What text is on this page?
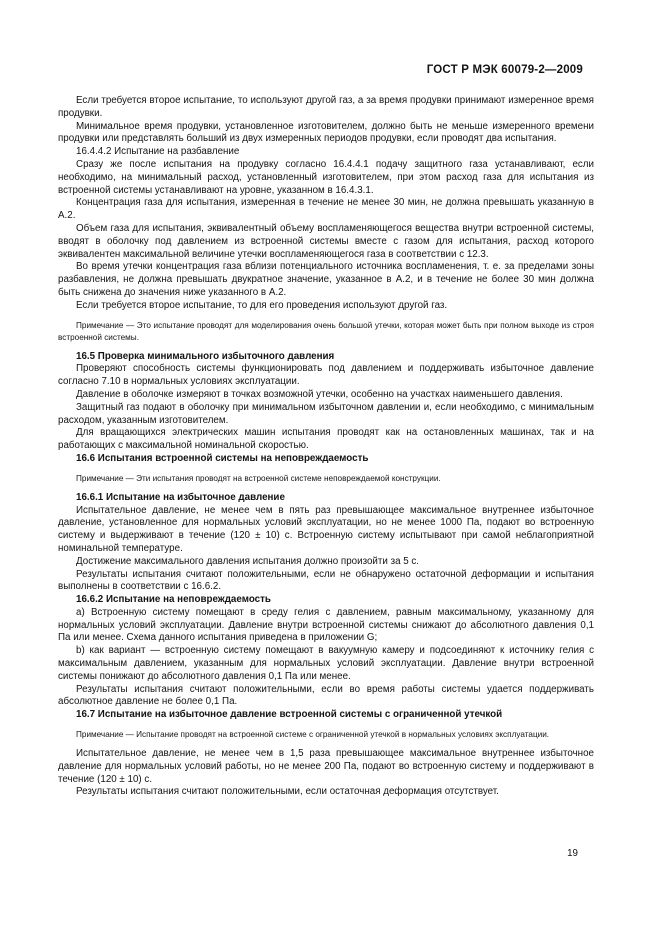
ГОСТ Р МЭК 60079-2—2009

Если требуется второе испытание, то используют другой газ, а за время продувки принимают измеренное время продувки.

Минимальное время продувки, установленное изготовителем, должно быть не меньше измеренного времени продувки или представлять больший из двух измеренных периодов продувки, если проводят два испытания.

16.4.4.2 Испытание на разбавление

Сразу же после испытания на продувку согласно 16.4.4.1 подачу защитного газа устанавливают, если необходимо, на минимальный расход, установленный изготовителем, при этом расход газа для испытания из встроенной системы устанавливают на уровне, указанном в 16.4.3.1.

Концентрация газа для испытания, измеренная в течение не менее 30 мин, не должна превышать указанную в А.2.

Объем газа для испытания, эквивалентный объему воспламеняющегося вещества внутри встроенной системы, вводят в оболочку под давлением из встроенной системы вместе с газом для испытания, расход которого эквивалентен максимальной величине утечки воспламеняющегося газа в соответствии с 12.3.

Во время утечки концентрация газа вблизи потенциального источника воспламенения, т. е. за пределами зоны разбавления, не должна превышать двукратное значение, указанное в А.2, и в течение не более 30 мин должна быть снижена до значения ниже указанного в А.2.

Если требуется второе испытание, то для его проведения используют другой газ.

Примечание — Это испытание проводят для моделирования очень большой утечки, которая может быть при полном выходе из строя встроенной системы.

16.5 Проверка минимального избыточного давления

Проверяют способность системы функционировать под давлением и поддерживать избыточное давление согласно 7.10 в нормальных условиях эксплуатации.

Давление в оболочке измеряют в точках возможной утечки, особенно на участках наименьшего давления.

Защитный газ подают в оболочку при минимальном избыточном давлении и, если необходимо, с минимальным расходом, указанным изготовителем.

Для вращающихся электрических машин испытания проводят как на остановленных машинах, так и на работающих с максимальной номинальной скоростью.

16.6 Испытания встроенной системы на неповреждаемость

Примечание — Эти испытания проводят на встроенной системе неповреждаемой конструкции.

16.6.1 Испытание на избыточное давление

Испытательное давление, не менее чем в пять раз превышающее максимальное внутреннее избыточное давление, установленное для нормальных условий эксплуатации, но не менее 1000 Па, подают во встроенную систему и выдерживают в течение (120 ± 10) с. Встроенную систему испытывают при самой неблагоприятной номинальной температуре.

Достижение максимального давления испытания должно произойти за 5 с.

Результаты испытания считают положительными, если не обнаружено остаточной деформации и испытания выполнены в соответствии с 16.6.2.

16.6.2 Испытание на неповреждаемость

а) Встроенную систему помещают в среду гелия с давлением, равным максимальному, указанному для нормальных условий эксплуатации. Давление внутри встроенной системы снижают до абсолютного давления 0,1 Па или менее. Схема данного испытания приведена в приложении G;

b) как вариант — встроенную систему помещают в вакуумную камеру и подсоединяют к источнику гелия с максимальным давлением, указанным для нормальных условий эксплуатации. Давление внутри встроенной системы понижают до абсолютного давления 0,1 Па или менее.

Результаты испытания считают положительными, если во время работы системы удается поддерживать абсолютное давление не более 0,1 Па.

16.7 Испытание на избыточное давление встроенной системы с ограниченной утечкой

Примечание — Испытание проводят на встроенной системе с ограниченной утечкой в нормальных условиях эксплуатации.

Испытательное давление, не менее чем в 1,5 раза превышающее максимальное внутреннее избыточное давление для нормальных условий работы, но не менее 200 Па, подают во встроенную систему и поддерживают в течение (120 ± 10) с.

Результаты испытания считают положительными, если остаточная деформация отсутствует.

19
